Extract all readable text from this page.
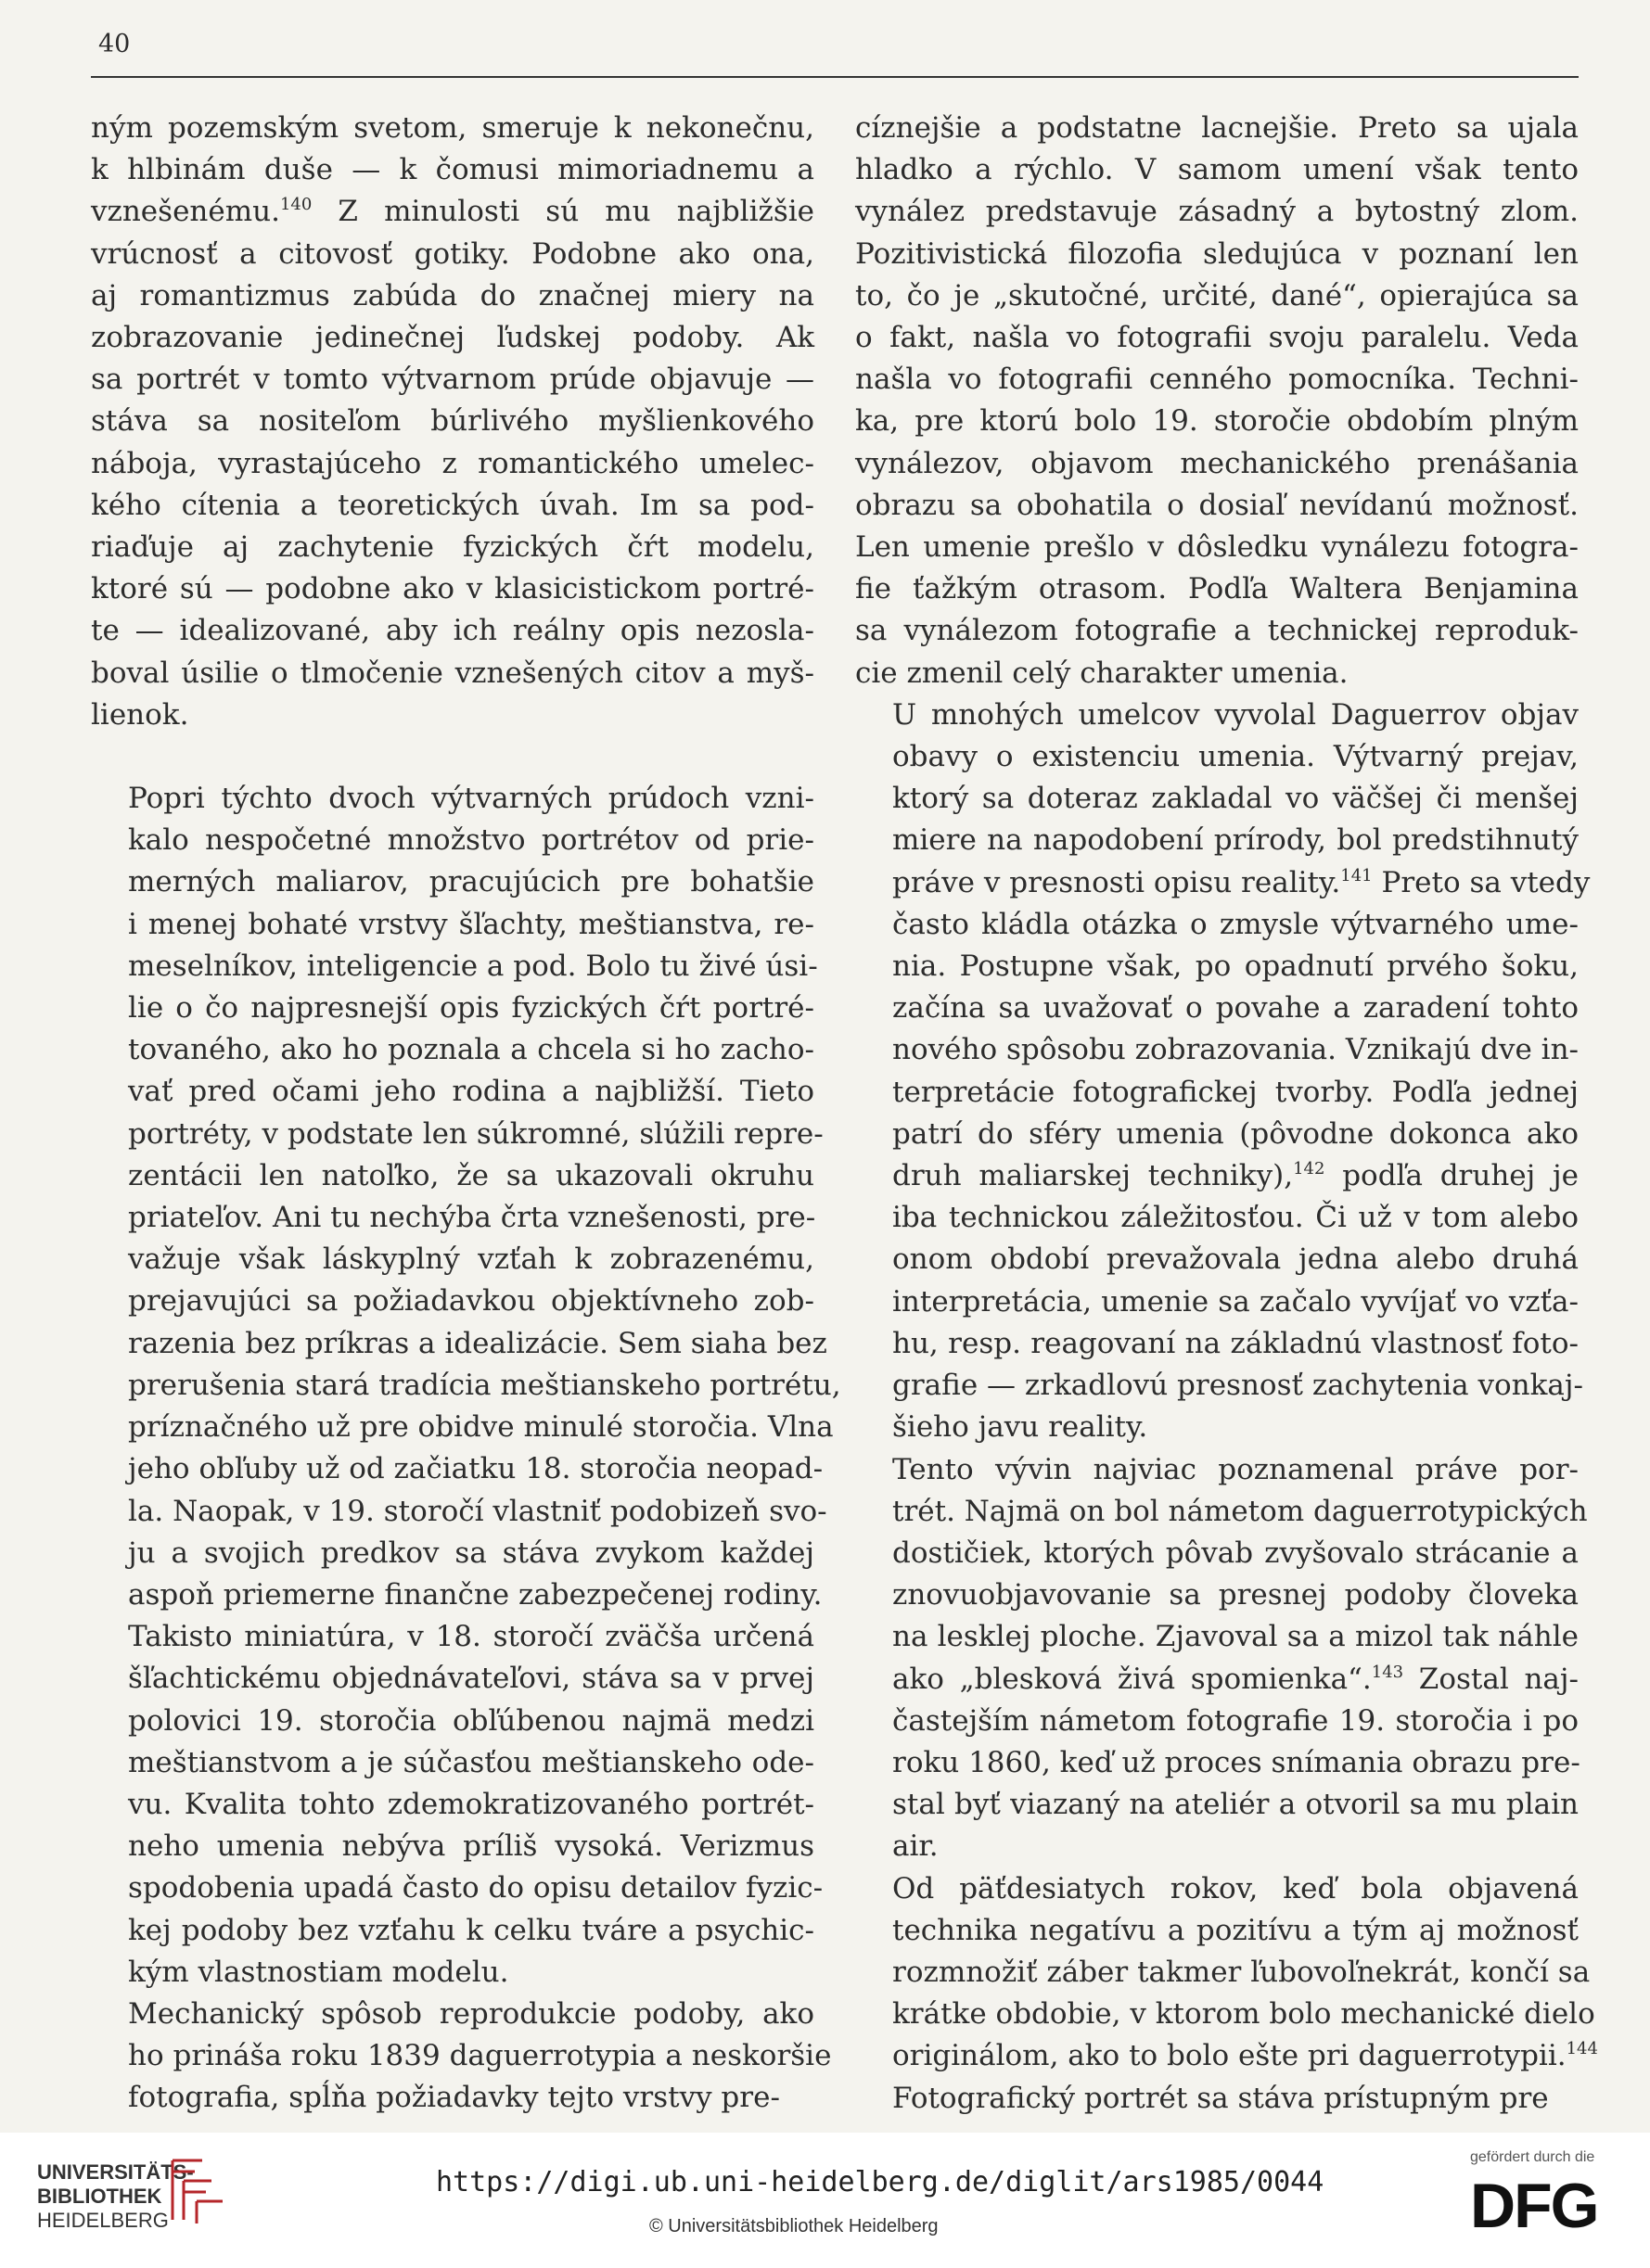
40

ným pozemským svetom, smeruje k nekonečnu,
k hlbinám duše — k čomusi mimoriadnemu a
vznešenému.$^{140}$ Z minulosti sú mu najbližšie
vrúcnosť a citovosť gotiky. Podobne ako ona,
aj romantizmus zabúda do značnej miery na
zobrazovanie jedinečnej ľudskej podoby. Ak
sa portrét v tomto výtvarnom prúde objavuje —
stáva sa nositeľom búrlivého myšlienkového
náboja, vyrastajúceho z romantického umelec-
kého cítenia a teoretických úvah. Im sa pod-
riaďuje aj zachytenie fyzických čŕt modelu,
ktoré sú — podobne ako v klasicistickom portré-
te — idealizované, aby ich reálny opis nezosla-
boval úsilie o tlmočenie vznešených citov a myš-
lienok.

Popri týchto dvoch výtvarných prúdoch vzni-
kalo nespočetné množstvo portrétov od prie-
merných maliarov, pracujúcich pre bohatšie
i menej bohaté vrstvy šľachty, meštianstva, re-
meselníkov, inteligencie a pod. Bolo tu živé úsi-
lie o čo najpresnejší opis fyzických čŕt portré-
tovaného, ako ho poznala a chcela si ho zacho-
vať pred očami jeho rodina a najbližší. Tieto
portréty, v podstate len súkromné, slúžili repre-
zentácii len natoľko, že sa ukazovali okruhu
priateľov. Ani tu nechýba črta vznešenosti, pre-
važuje však láskyplný vzťah k zobrazenému,
prejavujúci sa požiadavkou objektívneho zob-
razenia bez príkras a idealizácie. Sem siaha bez
prerušenia stará tradícia meštianskeho portrétu,
príznačného už pre obidve minulé storočia. Vlna
jeho obľuby už od začiatku 18. storočia neopad-
la. Naopak, v 19. storočí vlastniť podobizeň svo-
ju a svojich predkov sa stáva zvykom každej
aspoň priemerne finančne zabezpečenej rodiny.
Takisto miniatúra, v 18. storočí zväčša určená
šľachtickému objednávateľovi, stáva sa v prvej
polovici 19. storočia obľúbenou najmä medzi
meštianstvom a je súčasťou meštianskeho ode-
vu. Kvalita tohto zdemokratizovaného portrét-
neho umenia nebýva príliš vysoká. Verizmus
spodobenia upadá často do opisu detailov fyzic-
kej podoby bez vzťahu k celku tváre a psychic-
kým vlastnostiam modelu.

Mechanický spôsob reprodukcie podoby, ako
ho prináša roku 1839 daguerrotypia a neskoršie
fotografia, spĺňa požiadavky tejto vrstvy pre-

cíznejšie a podstatne lacnejšie. Preto sa ujala
hladko a rýchlo. V samom umení však tento
vynález predstavuje zásadný a bytostný zlom.
Pozitivistická filozofia sledujúca v poznaní len
to, čo je „skutočné, určité, dané“, opierajúca sa
o fakt, našla vo fotografii svoju paralelu. Veda
našla vo fotografii cenného pomocníka. Techni-
ka, pre ktorú bolo 19. storočie obdobím plným
vynálezov, objavom mechanického prenášania
obrazu sa obohatila o dosiaľ nevídanú možnosť.
Len umenie prešlo v dôsledku vynálezu fotogra-
fie ťažkým otrasom. Podľa Waltera Benjamina
sa vynálezom fotografie a technickej reproduk-
cie zmenil celý charakter umenia.

U mnohých umelcov vyvolal Daguerrov objav
obavy o existenciu umenia. Výtvarný prejav,
ktorý sa doteraz zakladal vo väčšej či menšej
miere na napodobení prírody, bol predstihnutý
práve v presnosti opisu reality.$^{141}$ Preto sa vtedy
často kládla otázka o zmysle výtvarného ume-
nia. Postupne však, po opadnutí prvého šoku,
začína sa uvažovať o povahe a zaradení tohto
nového spôsobu zobrazovania. Vznikajú dve in-
terpretácie fotografickej tvorby. Podľa jednej
patrí do sféry umenia (pôvodne dokonca ako
druh maliarskej techniky),$^{142}$ podľa druhej je
iba technickou záležitosťou. Či už v tom alebo
onom období prevažovala jedna alebo druhá
interpretácia, umenie sa začalo vyvíjať vo vzťa-
hu, resp. reagovaní na základnú vlastnosť foto-
grafie — zrkadlovú presnosť zachytenia vonkaj-
šieho javu reality.

Tento vývin najviac poznamenal práve por-
trét. Najmä on bol námetom daguerrotypických
dostičiek, ktorých pôvab zvyšovalo strácanie a
znovuobjavovanie sa presnej podoby človeka
na lesklej ploche. Zjavoval sa a mizol tak náhle
ako „blesková živá spomienka“.$^{143}$ Zostal naj-
častejším námetom fotografie 19. storočia i po
roku 1860, keď už proces snímania obrazu pre-
stal byť viazaný na ateliér a otvoril sa mu plain
air.

Od päťdesiatych rokov, keď bola objavená
technika negatívu a pozitívu a tým aj možnosť
rozmnožiť záber takmer ľubovoľnekrát, končí sa
krátke obdobie, v ktorom bolo mechanické dielo
originálom, ako to bolo ešte pri daguerrotypii.$^{144}$
Fotografický portrét sa stáva prístupným pre

UNIVERSITÄTS-
BIBLIOTHEK
HEIDELBERG
https://digi.ub.uni-heidelberg.de/diglit/ars1985/0044
© Universitätsbibliothek Heidelberg
gefördert durch die
DFG
